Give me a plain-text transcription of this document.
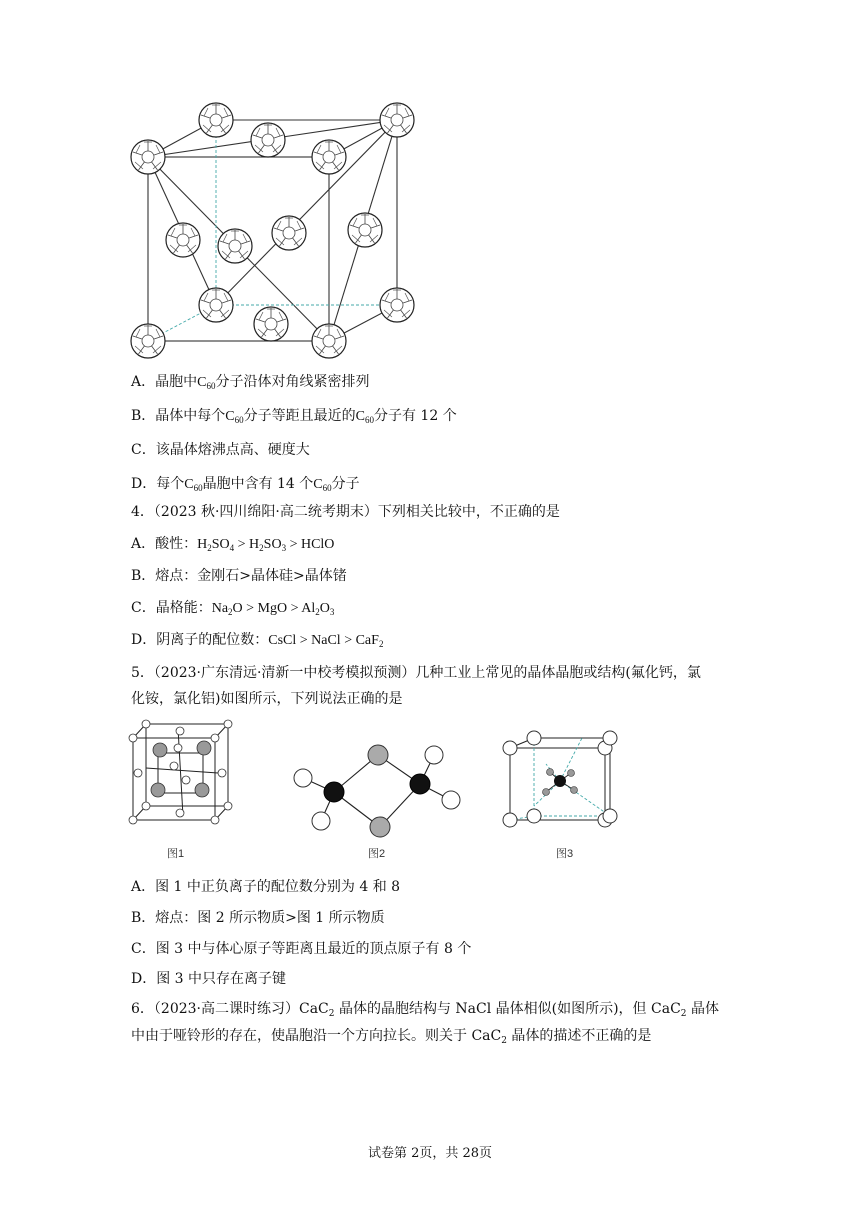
A．晶胞中$C_{60}$分子沿体对角线紧密排列
B．晶体中每个$C_{60}$分子等距且最近的$C_{60}$分子有 12 个
C．该晶体熔沸点高、硬度大
D．每个$C_{60}$晶胞中含有 14 个$C_{60}$分子
4．（2023 秋·四川绵阳·高二统考期末）下列相关比较中，不正确的是
A．酸性：$H_2SO_4 > H_2SO_3$ > HClO
B．熔点：金刚石>晶体硅>晶体锗
C．晶格能：$Na_2O$ > MgO > $Al_2O_3$
D．阴离子的配位数：CsCl > NaCl > CaF$_2$
5．（2023·广东清远·清新一中校考模拟预测）几种工业上常见的晶体晶胞或结构(氟化钙，氯
化铵，氯化铝)如图所示，下列说法正确的是
图1	图2	图3
A．图 1 中正负离子的配位数分别为 4 和 8
B．熔点：图 2 所示物质>图 1 所示物质
C．图 3 中与体心原子等距离且最近的顶点原子有 8 个
D．图 3 中只存在离子键
6．（2023·高二课时练习）CaC$_2$ 晶体的晶胞结构与 NaCl 晶体相似(如图所示)，但 CaC$_2$ 晶体
中由于哑铃形的存在，使晶胞沿一个方向拉长。则关于 CaC$_2$ 晶体的描述不正确的是
试卷第 2页，共 28页
